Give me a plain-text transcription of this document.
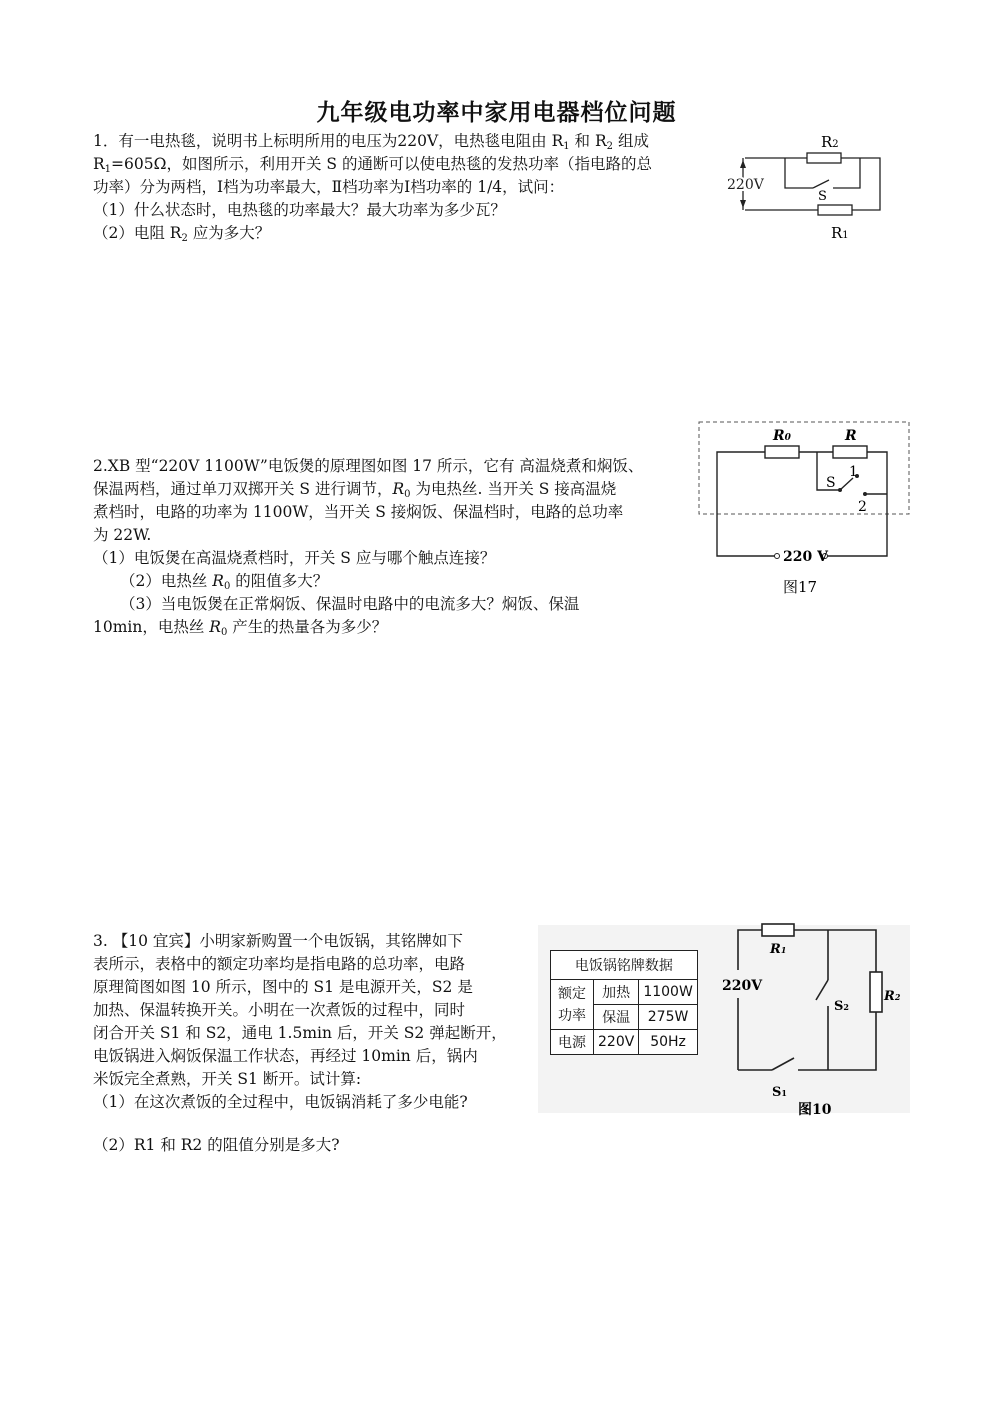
九年级电功率中家用电器档位问题
1．有一电热毯，说明书上标明所用的电压为220V，电热毯电阻由 $R_1$ 和 $R_2$ 组成
$R_1=605\Omega$，如图所示，利用开关 S 的通断可以使电热毯的发热功率（指电路的总
功率）分为两档，Ⅰ档为功率最大，Ⅱ档功率为Ⅰ档功率的 1/4，试问：
（1）什么状态时，电热毯的功率最大？最大功率为多少瓦？
（2）电阻 $R_2$ 应为多大？
R2
220V
S
R1
2.XB 型“220V 1100W”电饭煲的原理图如图 17 所示，它有 高温烧煮和焖饭、
保温两档，通过单刀双掷开关 S 进行调节，$R_0$ 为电热丝. 当开关 S 接高温烧
煮档时，电路的功率为 1100W，当开关 S 接焖饭、保温档时，电路的总功率
为 22W.
（1）电饭煲在高温烧煮档时，开关 S 应与哪个触点连接？
（2）电热丝 $R_0$ 的阻值多大？
（3）当电饭煲在正常焖饭、保温时电路中的电流多大？焖饭、保温
10min，电热丝 $R_0$ 产生的热量各为多少？
R0	R
S
1
2
220 V
图17
3. 【10 宜宾】小明家新购置一个电饭锅，其铭牌如下
表所示，表格中的额定功率均是指电路的总功率，电路
原理简图如图 10 所示，图中的 S1 是电源开关，S2 是
加热、保温转换开关。小明在一次煮饭的过程中，同时
闭合开关 S1 和 S2，通电 1.5min 后，开关 S2 弹起断开，
电饭锅进入焖饭保温工作状态，再经过 10min 后，锅内
米饭完全煮熟，开关 S1 断开。试计算:
（1）在这次煮饭的全过程中，电饭锅消耗了多少电能?
（2）R1 和 R2 的阻值分别是多大?
电饭锅铭牌数据		
额定功率	加热	1100W
	保温	275W
电源	220V	50Hz
R1
R2
220V
S2
S1
图10
